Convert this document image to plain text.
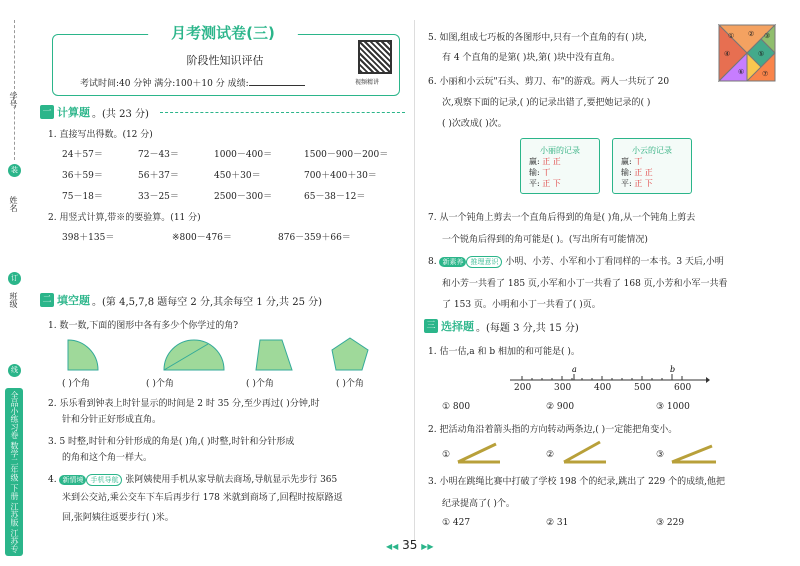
学号
装
姓名
订
班级
线
全品小练习卷 数学二年级 下册 江苏版 江苏专
月考测试卷(三)
阶段性知识评估
考试时间:40 分钟 满分:100＋10 分 成绩:	视频精讲
一 计算题 。(共 23 分)
1. 直接写出得数。(12 分)
24＋57＝	72－43＝	1000－400＝	1500－900－200＝
36＋59＝	56＋37＝	450＋30＝	700＋400＋30＝
75－18＝	33－25＝	2500－300＝	65－38－12＝
2. 用竖式计算,带※的要验算。(11 分)
398＋135＝	※800－476＝	876－359＋66＝
二 填空题 。(第 4,5,7,8 题每空 2 分,其余每空 1 分,共 25 分)
1. 数一数,下面的图形中各有多少个你学过的角?
( )个角	( )个角	( )个角	( )个角
2. 乐乐看到钟表上时针显示的时间是 2 时 35 分,至少再过( )分钟,时
针和分针正好形成直角。
3. 5 时整,时针和分针形成的角是( )角,( )时整,时针和分针形成
的角和这个角一样大。
4. 新情境 手机导航 张阿姨使用手机从家导航去商场,导航显示先步行 365
米到公交站,乘公交车下车后再步行 178 米就到商场了,回程时按原路返
回,张阿姨往返要步行( )米。
5. 如图,组成七巧板的各图形中,只有一个直角的有( )块,
有 4 个直角的是第( )块,第( )块中没有直角。
① ② ③
④	⑤
⑥	⑦
6. 小丽和小云玩"石头、剪刀、布"的游戏。两人一共玩了 20
次,观察下面的记录,( )的记录出错了,要把她记录的( )
( )次改成( )次。
小丽的记录
赢: 正 正
输: 丅
平: 正 下
小云的记录
赢: 丅
输: 正 正
平: 正 下
7. 从一个钝角上剪去一个直角后得到的角是( )角,从一个钝角上剪去
一个锐角后得到的角可能是( )。(写出所有可能情况)
8. 新素养 推理意识 小明、小芳、小军和小丁看同样的一本书。3 天后,小明
和小芳一共看了 185 页,小军和小丁一共看了 168 页,小芳和小军一共看
了 153 页。小明和小丁一共看了( )页。
三 选择题 。(每题 3 分,共 15 分)
1. 估一估,a 和 b 相加的和可能是( )。
a	b
200	300	400	500	600
① 800	② 900	③ 1000
2. 把活动角沿着箭头指的方向转动两条边,( )一定能把角变小。
①	②	③
3. 小明在跳绳比赛中打破了学校 198 个的纪录,跳出了 229 个的成绩,他把
纪录提高了( )个。
① 427	② 31	③ 229
◀◀ 35 ▶▶
